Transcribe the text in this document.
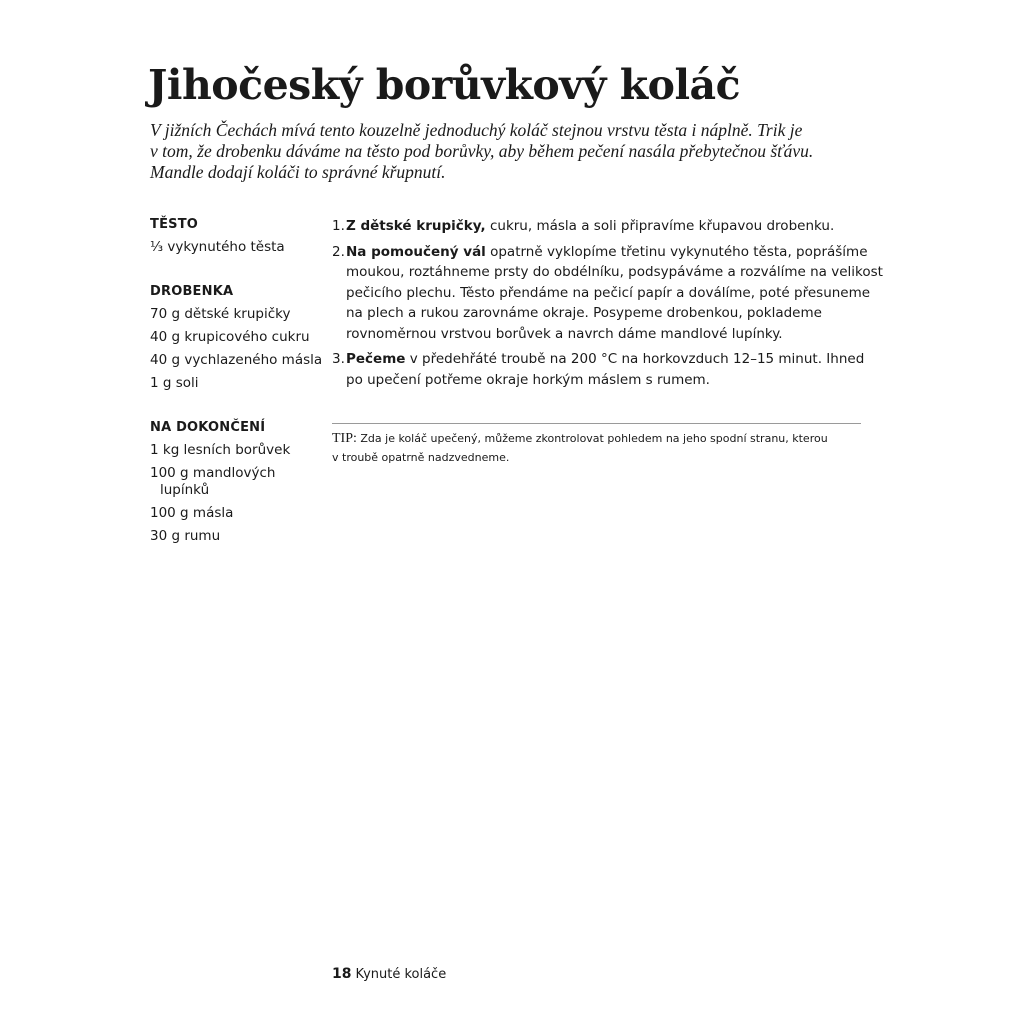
Jihočeský borůvkový koláč
V jižních Čechách mívá tento kouzelně jednoduchý koláč stejnou vrstvu těsta i náplně. Trik je
v tom, že drobenku dáváme na těsto pod borůvky, aby během pečení nasála přebytečnou šťávu.
Mandle dodají koláči to správné křupnutí.
TĚSTO
⅓ vykynutého těsta
DROBENKA
70 g dětské krupičky
40 g krupicového cukru
40 g vychlazeného másla
1 g soli
NA DOKONČENÍ
1 kg lesních borůvek
100 g mandlových lupínků
100 g másla
30 g rumu
1. Z dětské krupičky, cukru, másla a soli připravíme křupavou drobenku.
2. Na pomoučený vál opatrně vyklopíme třetinu vykynutého těsta, poprášíme
moukou, roztáhneme prsty do obdélníku, podsypáváme a rozválíme na velikost
pečicího plechu. Těsto přendáme na pečicí papír a doválíme, poté přesuneme
na plech a rukou zarovnáme okraje. Posypeme drobenkou, poklademe
rovnoměrnou vrstvou borůvek a navrch dáme mandlové lupínky.
3. Pečeme v předehřáté troubě na 200 °C na horkovzduch 12–15 minut. Ihned
po upečení potřeme okraje horkým máslem s rumem.
TIP: Zda je koláč upečený, můžeme zkontrolovat pohledem na jeho spodní stranu, kterou
v troubě opatrně nadzvedneme.
18 Kynuté koláče
